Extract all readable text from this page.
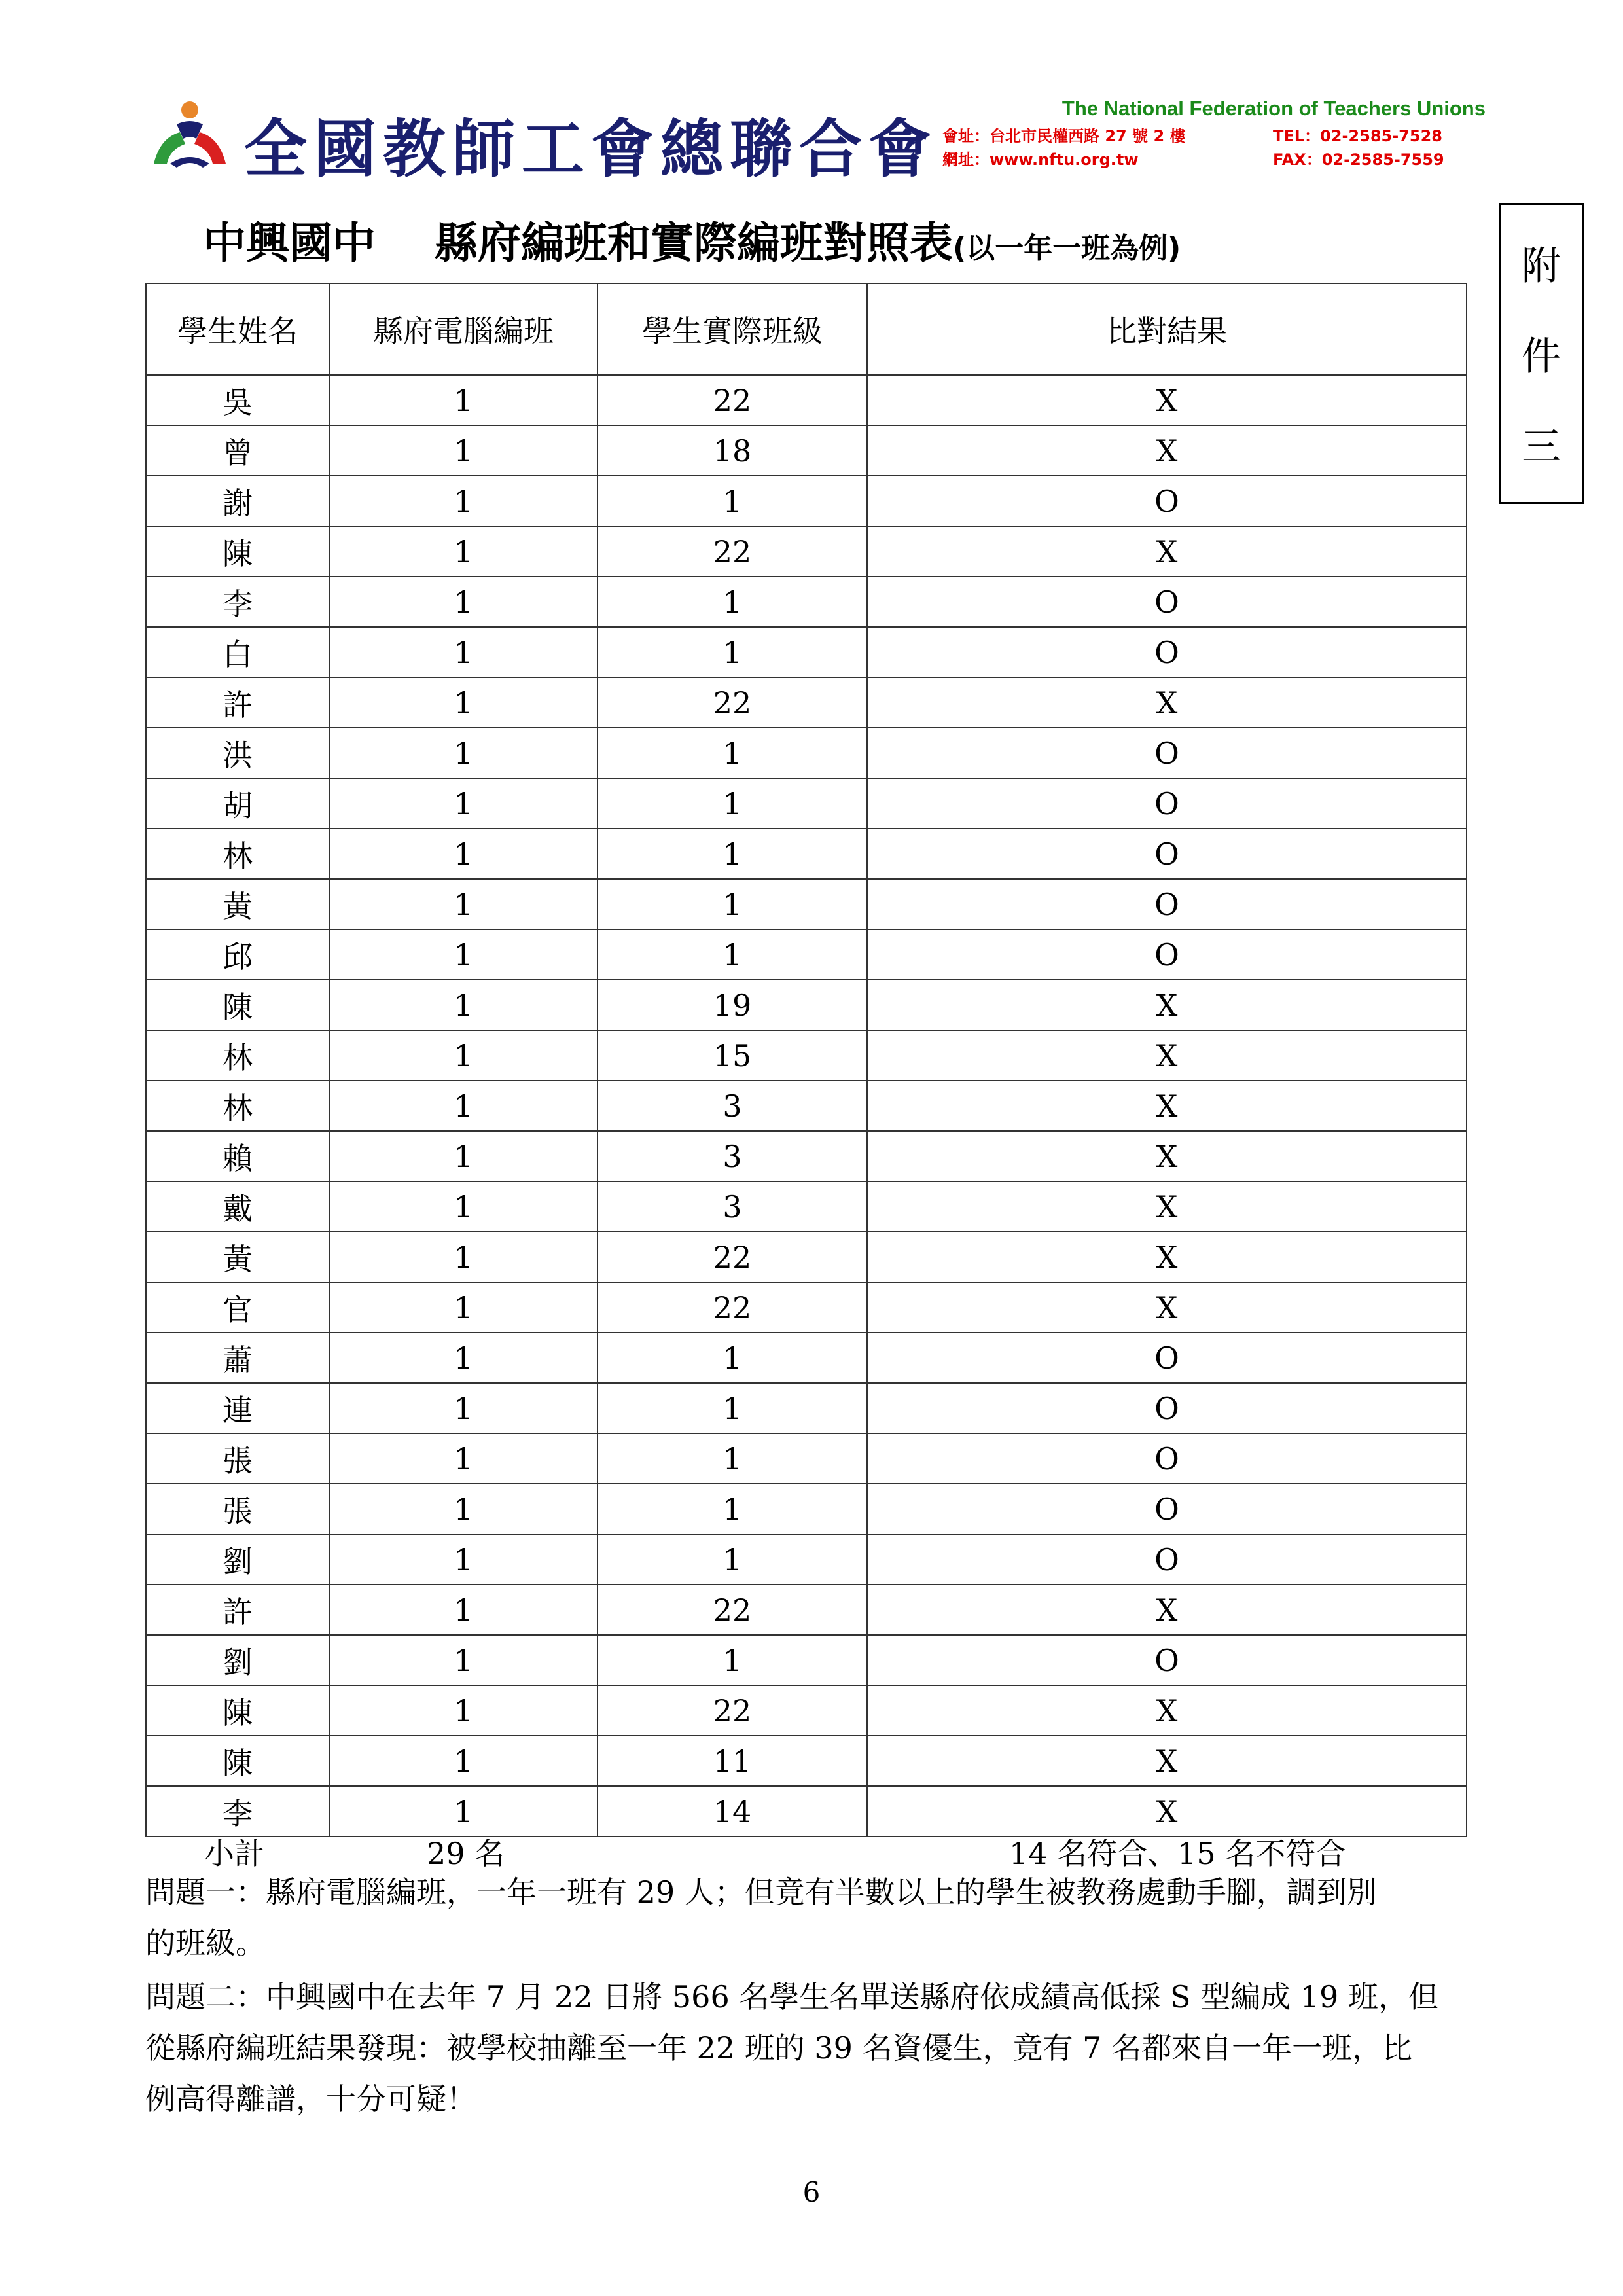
全國教師工會總聯合會
The National Federation of Teachers Unions
會址：台北市民權西路 27 號 2 樓	TEL：02-2585-7528
網址：www.nftu.org.tw	FAX：02-2585-7559
中興國中 縣府編班和實際編班對照表(以一年一班為例)	附
件
三
學生姓名	縣府電腦編班	學生實際班級	比對結果
吳	1	22	X
曾	1	18	X
謝	1	1	O
陳	1	22	X
李	1	1	O
白	1	1	O
許	1	22	X
洪	1	1	O
胡	1	1	O
林	1	1	O
黃	1	1	O
邱	1	1	O
陳	1	19	X
林	1	15	X
林	1	3	X
賴	1	3	X
戴	1	3	X
黃	1	22	X
官	1	22	X
蕭	1	1	O
連	1	1	O
張	1	1	O
張	1	1	O
劉	1	1	O
許	1	22	X
劉	1	1	O
陳	1	22	X
陳	1	11	X
李	1	14	X
小計	29 名	14 名符合、15 名不符合
問題一：縣府電腦編班，一年一班有 29 人；但竟有半數以上的學生被教務處動手腳，調到別
的班級。
問題二：中興國中在去年 7 月 22 日將 566 名學生名單送縣府依成績高低採 S 型編成 19 班，但
從縣府編班結果發現：被學校抽離至一年 22 班的 39 名資優生，竟有 7 名都來自一年一班，比
例高得離譜，十分可疑！
6
